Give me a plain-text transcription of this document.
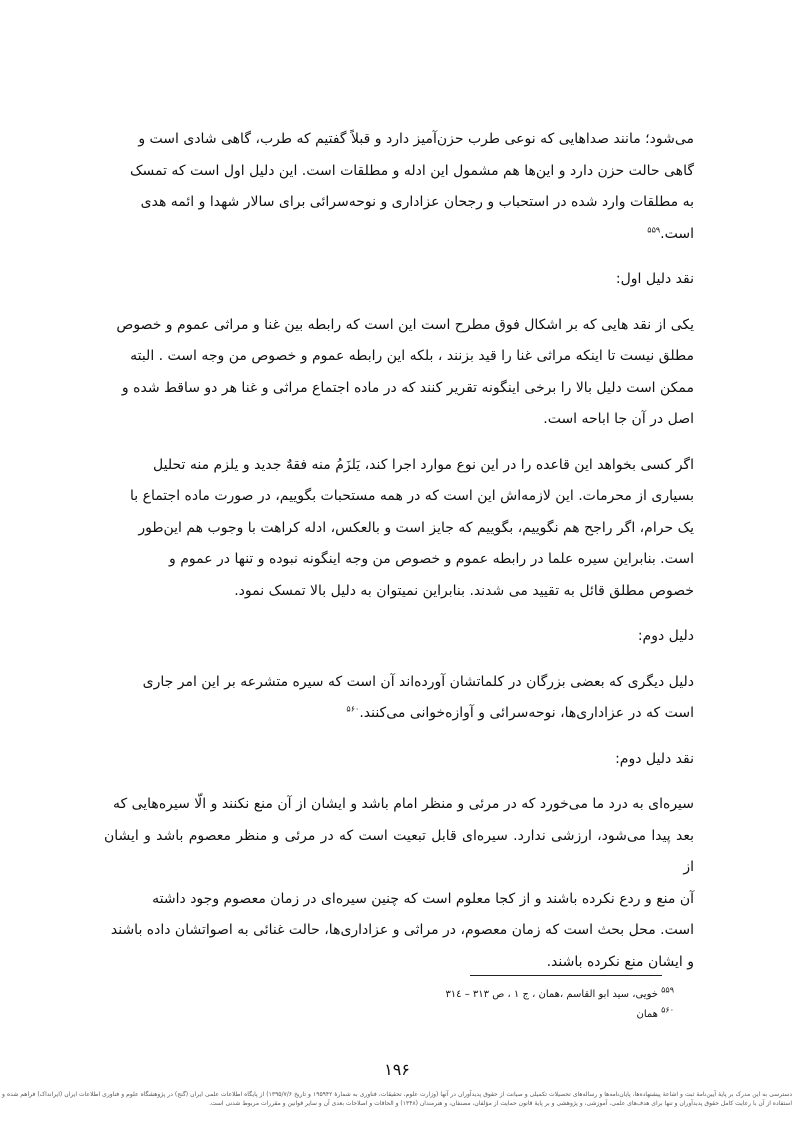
می‌شود؛ مانند صداهایی که نوعی طرب حزن‌آمیز دارد و قبلاً گفتیم که طرب، گاهی شادی است و
گاهی حالت حزن دارد و این‌ها هم مشمول این ادله و مطلقات است. این دلیل اول است که تمسک
به مطلقات وارد شده در استحباب و رجحان عزاداری و نوحه‌سرائی برای سالار شهدا و ائمه هدی
است.$^{۵۵۹}$
نقد دلیل اول:
یکی از نقد هایی که بر اشکال فوق مطرح است این است که رابطه بین غنا و مراثی عموم و خصوص
مطلق نیست تا اینکه مراثی غنا را قید بزنند ، بلکه این رابطه عموم و خصوص من وجه است . البته
ممکن است دلیل بالا را برخی اینگونه تقریر کنند که در ماده اجتماع مراثی و غنا هر دو ساقط شده و
اصل در آن جا اباحه است.
اگر کسی بخواهد این قاعده را در این نوع موارد اجرا کند، یَلزَمُ منه فقهٌ جدید و یلزم منه تحلیل
بسیاری از محرمات. این لازمه‌اش این است که در همه مستحبات بگوییم، در صورت ماده اجتماع با
یک حرام، اگر راجح هم نگوییم، بگوییم که جایز است و بالعکس، ادله کراهت با وجوب هم این‌طور
است. بنابراین سیره علما در رابطه عموم و خصوص من وجه اینگونه نبوده و تنها در عموم و
خصوص مطلق قائل به تقیید می شدند. بنابراین نمیتوان به دلیل بالا تمسک نمود.
دلیل دوم:
دلیل دیگری که بعضی بزرگان در کلماتشان آورده‌اند آن است که سیره متشرعه بر این امر جاری
است که در عزاداری‌ها، نوحه‌سرائی و آوازه‌خوانی می‌کنند.$^{۵۶۰}$
نقد دلیل دوم:
سیره‌ای به درد ما می‌خورد که در مرئی و منظر امام باشد و ایشان از آن منع نکنند و الّا سیره‌هایی که
بعد پیدا می‌شود، ارزشی ندارد. سیره‌ای قابل تبعیت است که در مرئی و منظر معصوم باشد و ایشان از
آن منع و ردع نکرده باشند و از کجا معلوم است که چنین سیره‌ای در زمان معصوم وجود داشته
است. محل بحث است که زمان معصوم، در مراثی و عزاداری‌ها، حالت غنائی به اصواتشان داده باشند
و ایشان منع نکرده باشند.
$^{۵۵۹}$ خویی، سید ابو القاسم ،همان ، ج ۱ ، ص ۳۱۳ – ۳۱٤
$^{۵۶۰}$ همان
۱۹۶
دسترسی به این مدرک بر پایهٔ آیین‌نامهٔ ثبت و اشاعهٔ پیشنهاده‌ها، پایان‌نامه‌ها و رساله‌های تحصیلات تکمیلی و صیانت از حقوق پدیدآوران در آنها (وزارت علوم، تحقیقات، فناوری به شمارهٔ ۱۹۵۹۴۲ و تاریخ ۱۳۹۵/۷/۶) از پایگاه اطلاعات علمی ایران (گنج) در پژوهشگاه علوم و فناوری اطلاعات ایران (ایرانداک) فراهم شده و استفاده از آن با رعایت کامل حقوق پدیدآوران و تنها برای هدف‌های علمی، آموزشی، و پژوهشی و بر پایهٔ قانون حمایت از مؤلفان، مصنفان، و هنرمندان (۱۳۴۸) و الحاقات و اصلاحات بعدی آن و سایر قوانین و مقررات مربوط شدنی است.
